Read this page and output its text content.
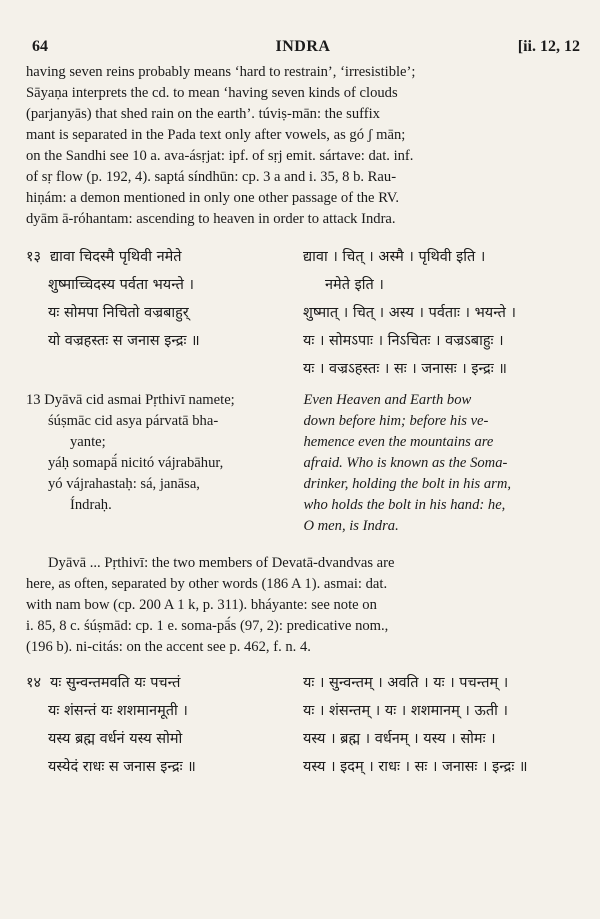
64	INDRA	[ii. 12, 12
having seven reins probably means ‘hard to restrain’, ‘irresistible’;
Sāyaṇa interprets the cd. to mean ‘having seven kinds of clouds
(parjanyās) that shed rain on the earth’. túviṣ-mān: the suffix
mant is separated in the Pada text only after vowels, as gó ʃ mān;
on the Sandhi see 10 a. ava-ásṛjat: ipf. of sṛj emit. sártave: dat. inf.
of sṛ flow (p. 192, 4). saptá síndhūn: cp. 3 a and i. 35, 8 b. Rau-
hiṇám: a demon mentioned in only one other passage of the RV.
dyām ā-róhantam: ascending to heaven in order to attack Indra.
१३ द्यावा चिदस्मै पृथिवी नमेते
शुष्माच्चिदस्य पर्वता भयन्ते ।
यः सोमपा निचितो वज्रबाहुर्
यो वज्रहस्तः स जनास इन्द्रः ॥
द्यावा । चित् । अस्मै । पृथिवी इति ।
नमेते इति ।
शुष्मात् । चित् । अस्य । पर्वताः । भयन्ते ।
यः । सोमऽपाः । निऽचितः । वज्रऽबाहुः ।
यः । वज्रऽहस्तः । सः । जनासः । इन्द्रः ॥
13 Dyāvā cid asmai Pṛthivī namete;
śúṣmāc cid asya párvatā bha-
yante;
yáḥ somapā́ nicitó vájrabāhur,
yó vájrahastaḥ: sá, janāsa,
Índraḥ.
Even Heaven and Earth bow
down before him; before his ve-
hemence even the mountains are
afraid. Who is known as the Soma-
drinker, holding the bolt in his arm,
who holds the bolt in his hand: he,
O men, is Indra.
Dyāvā ... Pṛthivī: the two members of Devatā-dvandvas are
here, as often, separated by other words (186 A 1). asmai: dat.
with nam bow (cp. 200 A 1 k, p. 311). bháyante: see note on
i. 85, 8 c. śúṣmād: cp. 1 e. soma-pā́s (97, 2): predicative nom.,
(196 b). ni-citás: on the accent see p. 462, f. n. 4.
१४ यः सुन्वन्तमवति यः पचन्तं
यः शंसन्तं यः शशमानमूती ।
यस्य ब्रह्म वर्धनं यस्य सोमो
यस्येदं राधः स जनास इन्द्रः ॥
यः । सुन्वन्तम् । अवति । यः । पचन्तम् ।
यः । शंसन्तम् । यः । शशमानम् । ऊती ।
यस्य । ब्रह्म । वर्धनम् । यस्य । सोमः ।
यस्य । इदम् । राधः । सः । जनासः । इन्द्रः ॥
